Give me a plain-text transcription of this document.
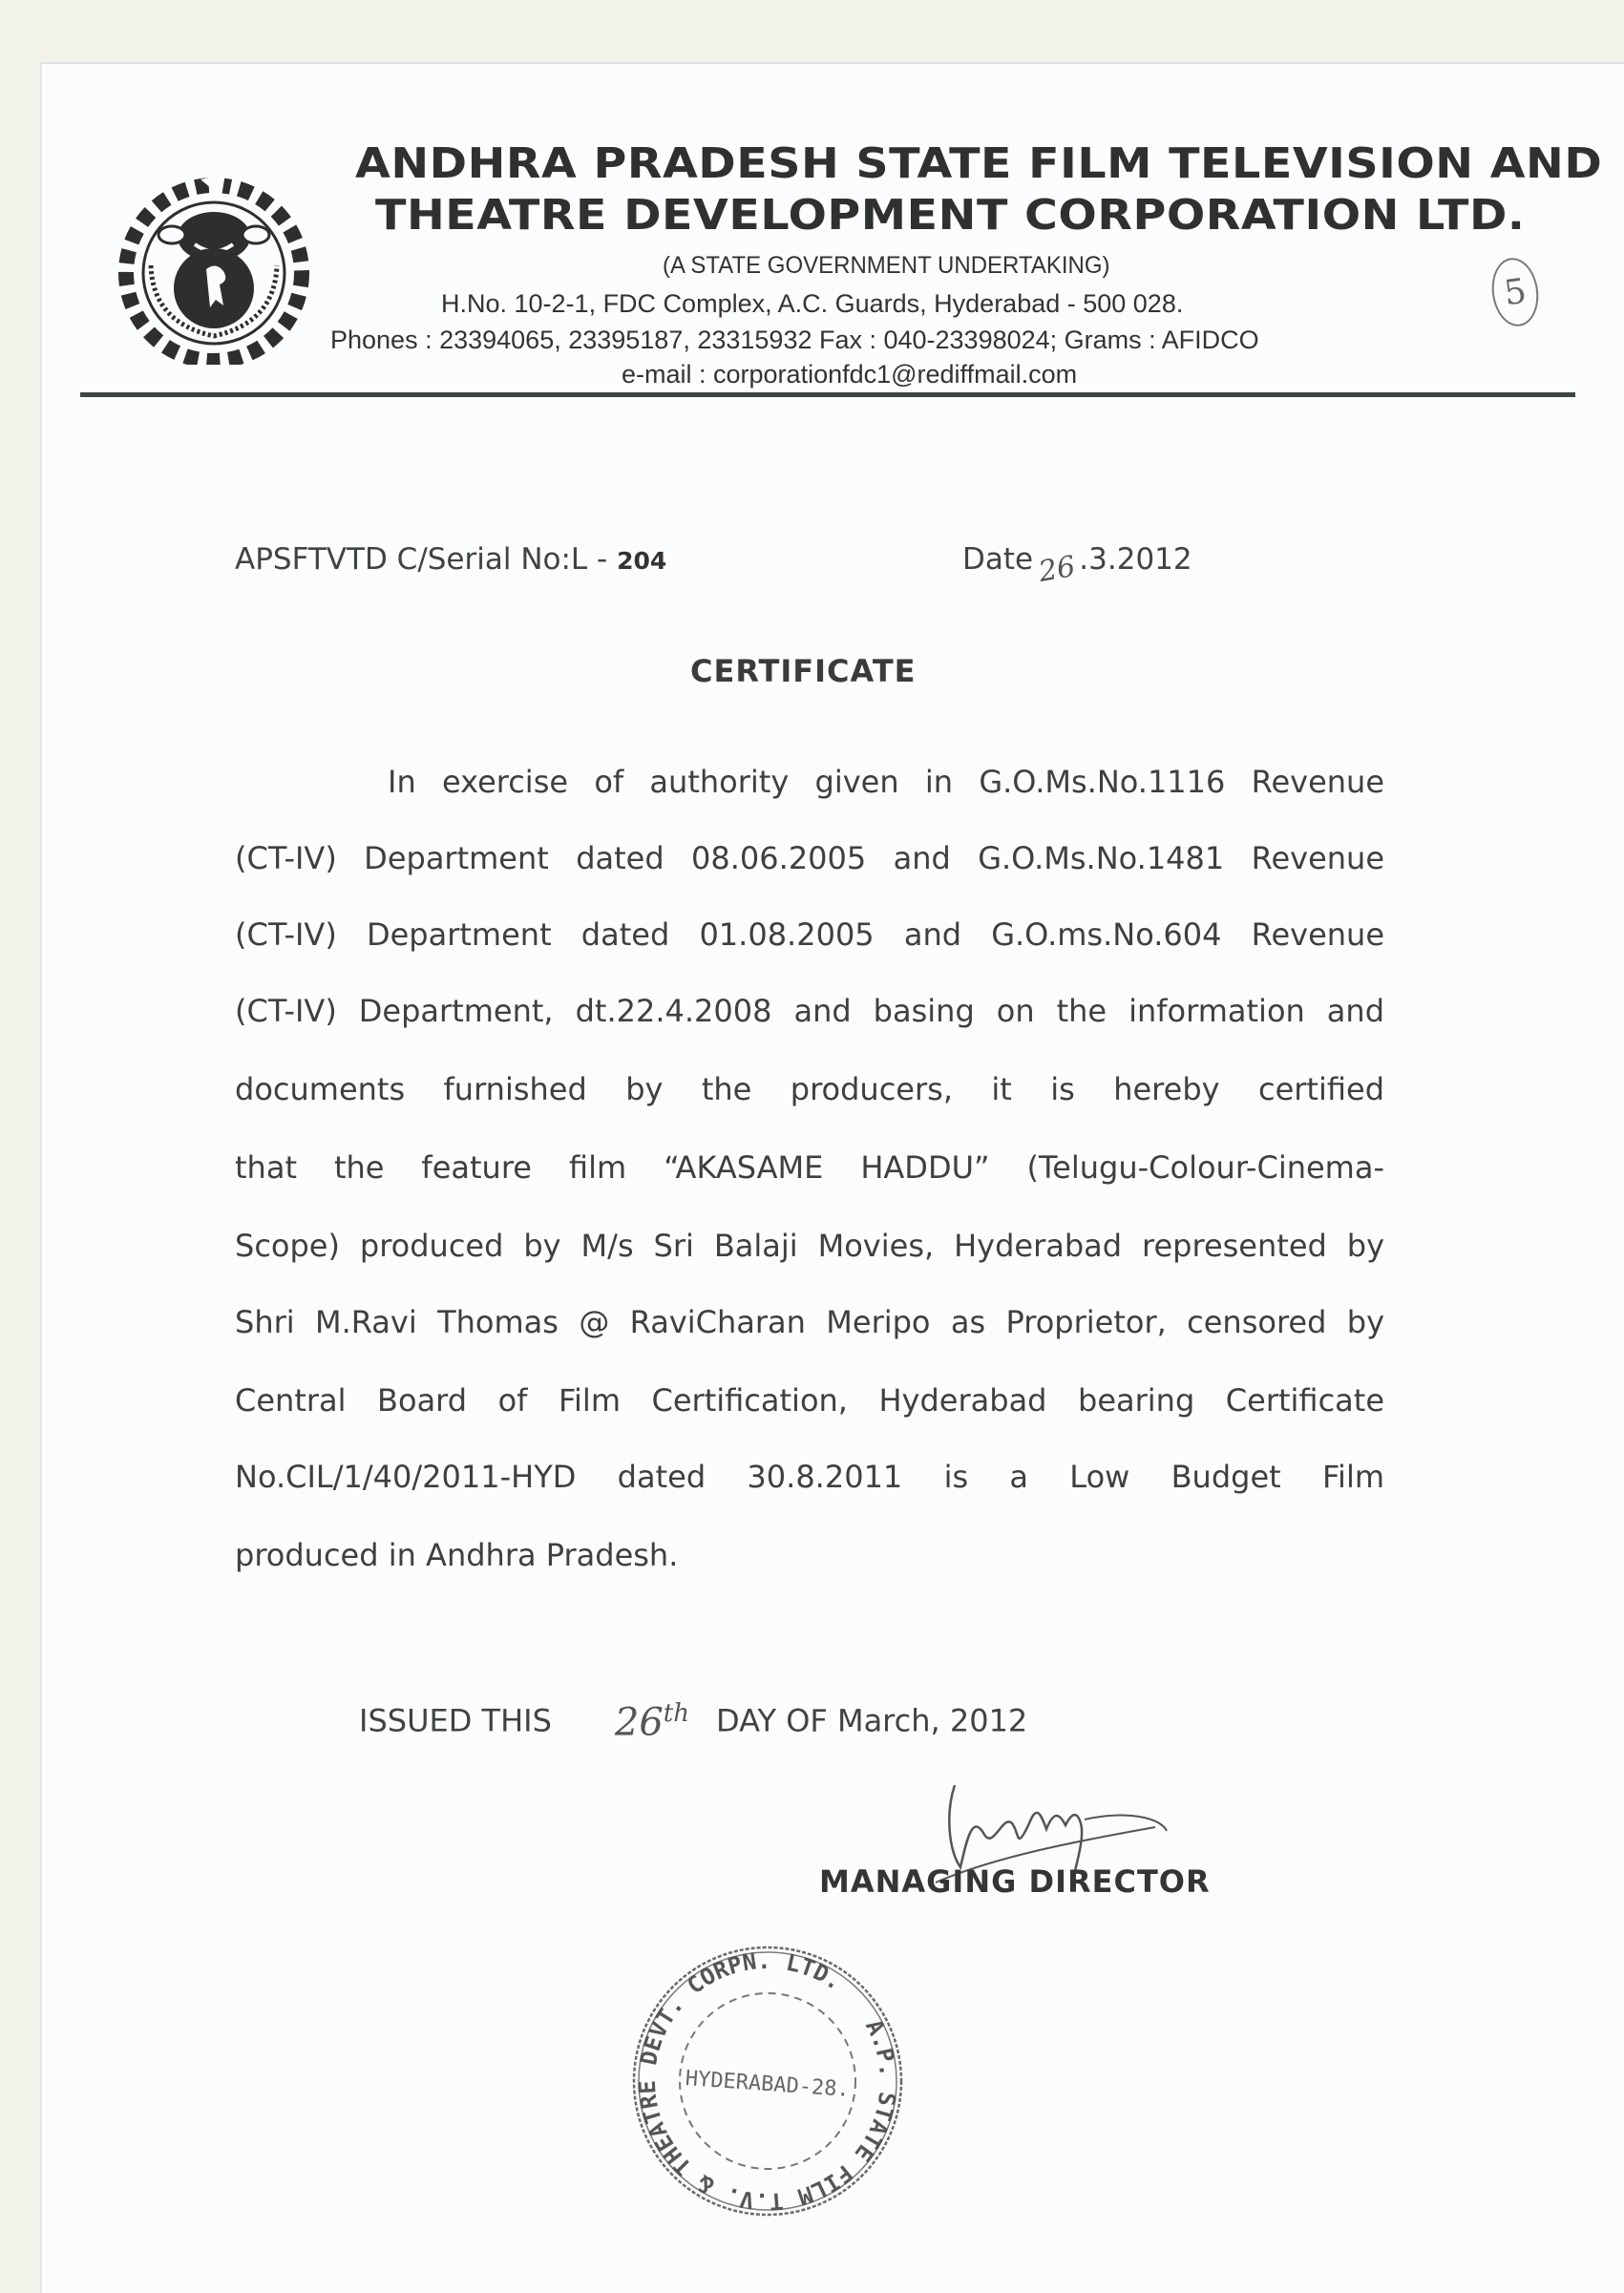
ANDHRA PRADESH STATE FILM TELEVISION AND
THEATRE DEVELOPMENT CORPORATION LTD.
(A STATE GOVERNMENT UNDERTAKING)
H.No. 10-2-1, FDC Complex, A.C. Guards, Hyderabad - 500 028.
Phones : 23394065, 23395187, 23315932 Fax : 040-23398024; Grams : AFIDCO
e-mail : corporationfdc1@rediffmail.com
5
APSFTVTD C/Serial No:L - 204	Date 26.3.2012
CERTIFICATE
In exercise of authority given in G.O.Ms.No.1116 Revenue
(CT-IV) Department dated 08.06.2005 and G.O.Ms.No.1481 Revenue
(CT-IV) Department dated 01.08.2005 and G.O.ms.No.604 Revenue
(CT-IV) Department, dt.22.4.2008 and basing on the information and
documents furnished by the producers, it is hereby certified
that the feature film “AKASAME HADDU” (Telugu-Colour-Cinema-
Scope) produced by M/s Sri Balaji Movies, Hyderabad represented by
Shri M.Ravi Thomas @ RaviCharan Meripo as Proprietor, censored by
Central Board of Film Certification, Hyderabad bearing Certificate
No.CIL/1/40/2011-HYD dated 30.8.2011 is a Low Budget Film
produced in Andhra Pradesh.
ISSUED THIS 26th DAY OF March, 2012
MANAGING DIRECTOR
A.P. STATE FILM T.V. & THEATRE DEVT. CORPN. LTD.
HYDERABAD-28.
